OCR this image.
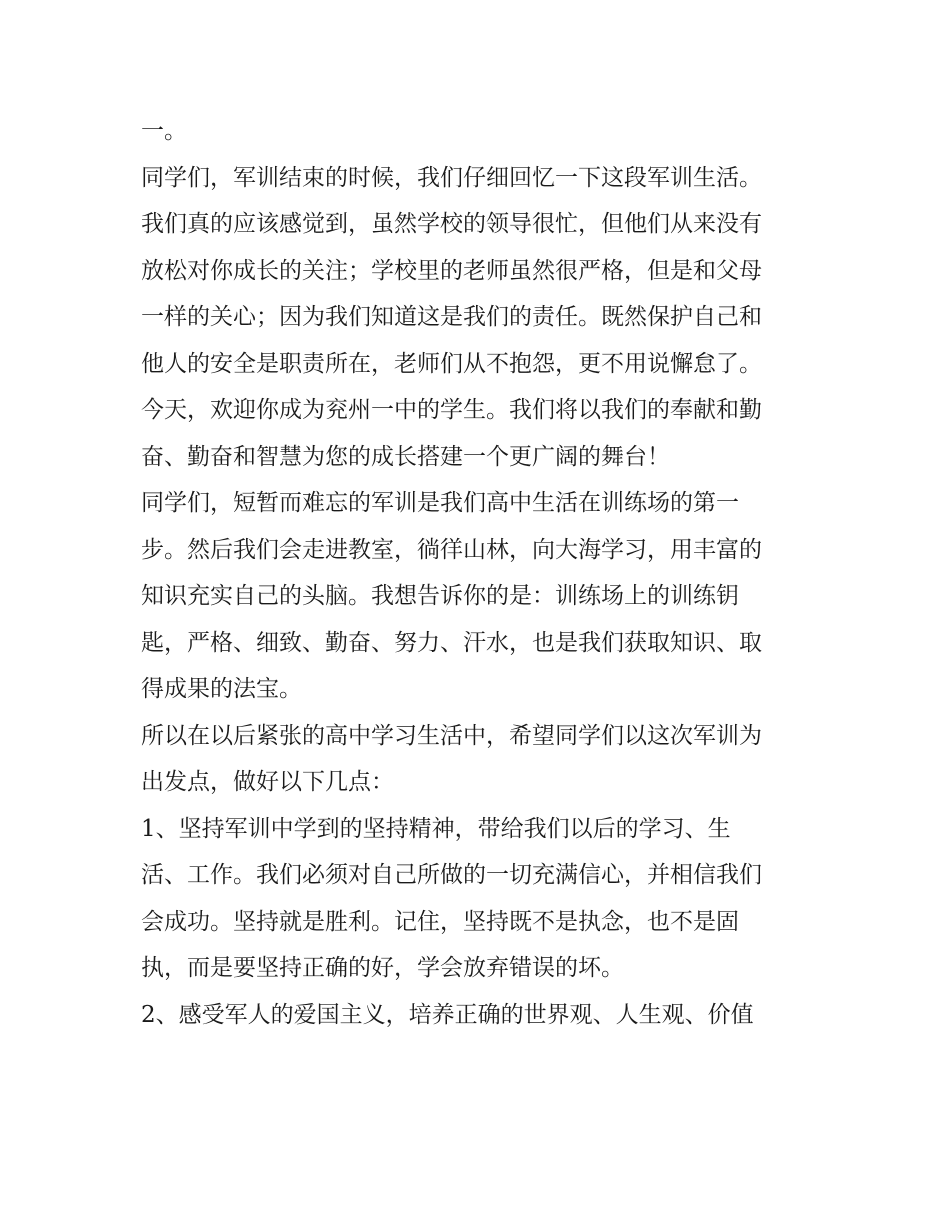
一。
同学们，军训结束的时候，我们仔细回忆一下这段军训生活。
我们真的应该感觉到，虽然学校的领导很忙，但他们从来没有
放松对你成长的关注；学校里的老师虽然很严格，但是和父母
一样的关心；因为我们知道这是我们的责任。既然保护自己和
他人的安全是职责所在，老师们从不抱怨，更不用说懈怠了。
今天，欢迎你成为兖州一中的学生。我们将以我们的奉献和勤
奋、勤奋和智慧为您的成长搭建一个更广阔的舞台！
同学们，短暂而难忘的军训是我们高中生活在训练场的第一
步。然后我们会走进教室，徜徉山林，向大海学习，用丰富的
知识充实自己的头脑。我想告诉你的是：训练场上的训练钥
匙，严格、细致、勤奋、努力、汗水，也是我们获取知识、取
得成果的法宝。
所以在以后紧张的高中学习生活中，希望同学们以这次军训为
出发点，做好以下几点：
1、坚持军训中学到的坚持精神，带给我们以后的学习、生
活、工作。我们必须对自己所做的一切充满信心，并相信我们
会成功。坚持就是胜利。记住，坚持既不是执念，也不是固
执，而是要坚持正确的好，学会放弃错误的坏。
2、感受军人的爱国主义，培养正确的世界观、人生观、价值
